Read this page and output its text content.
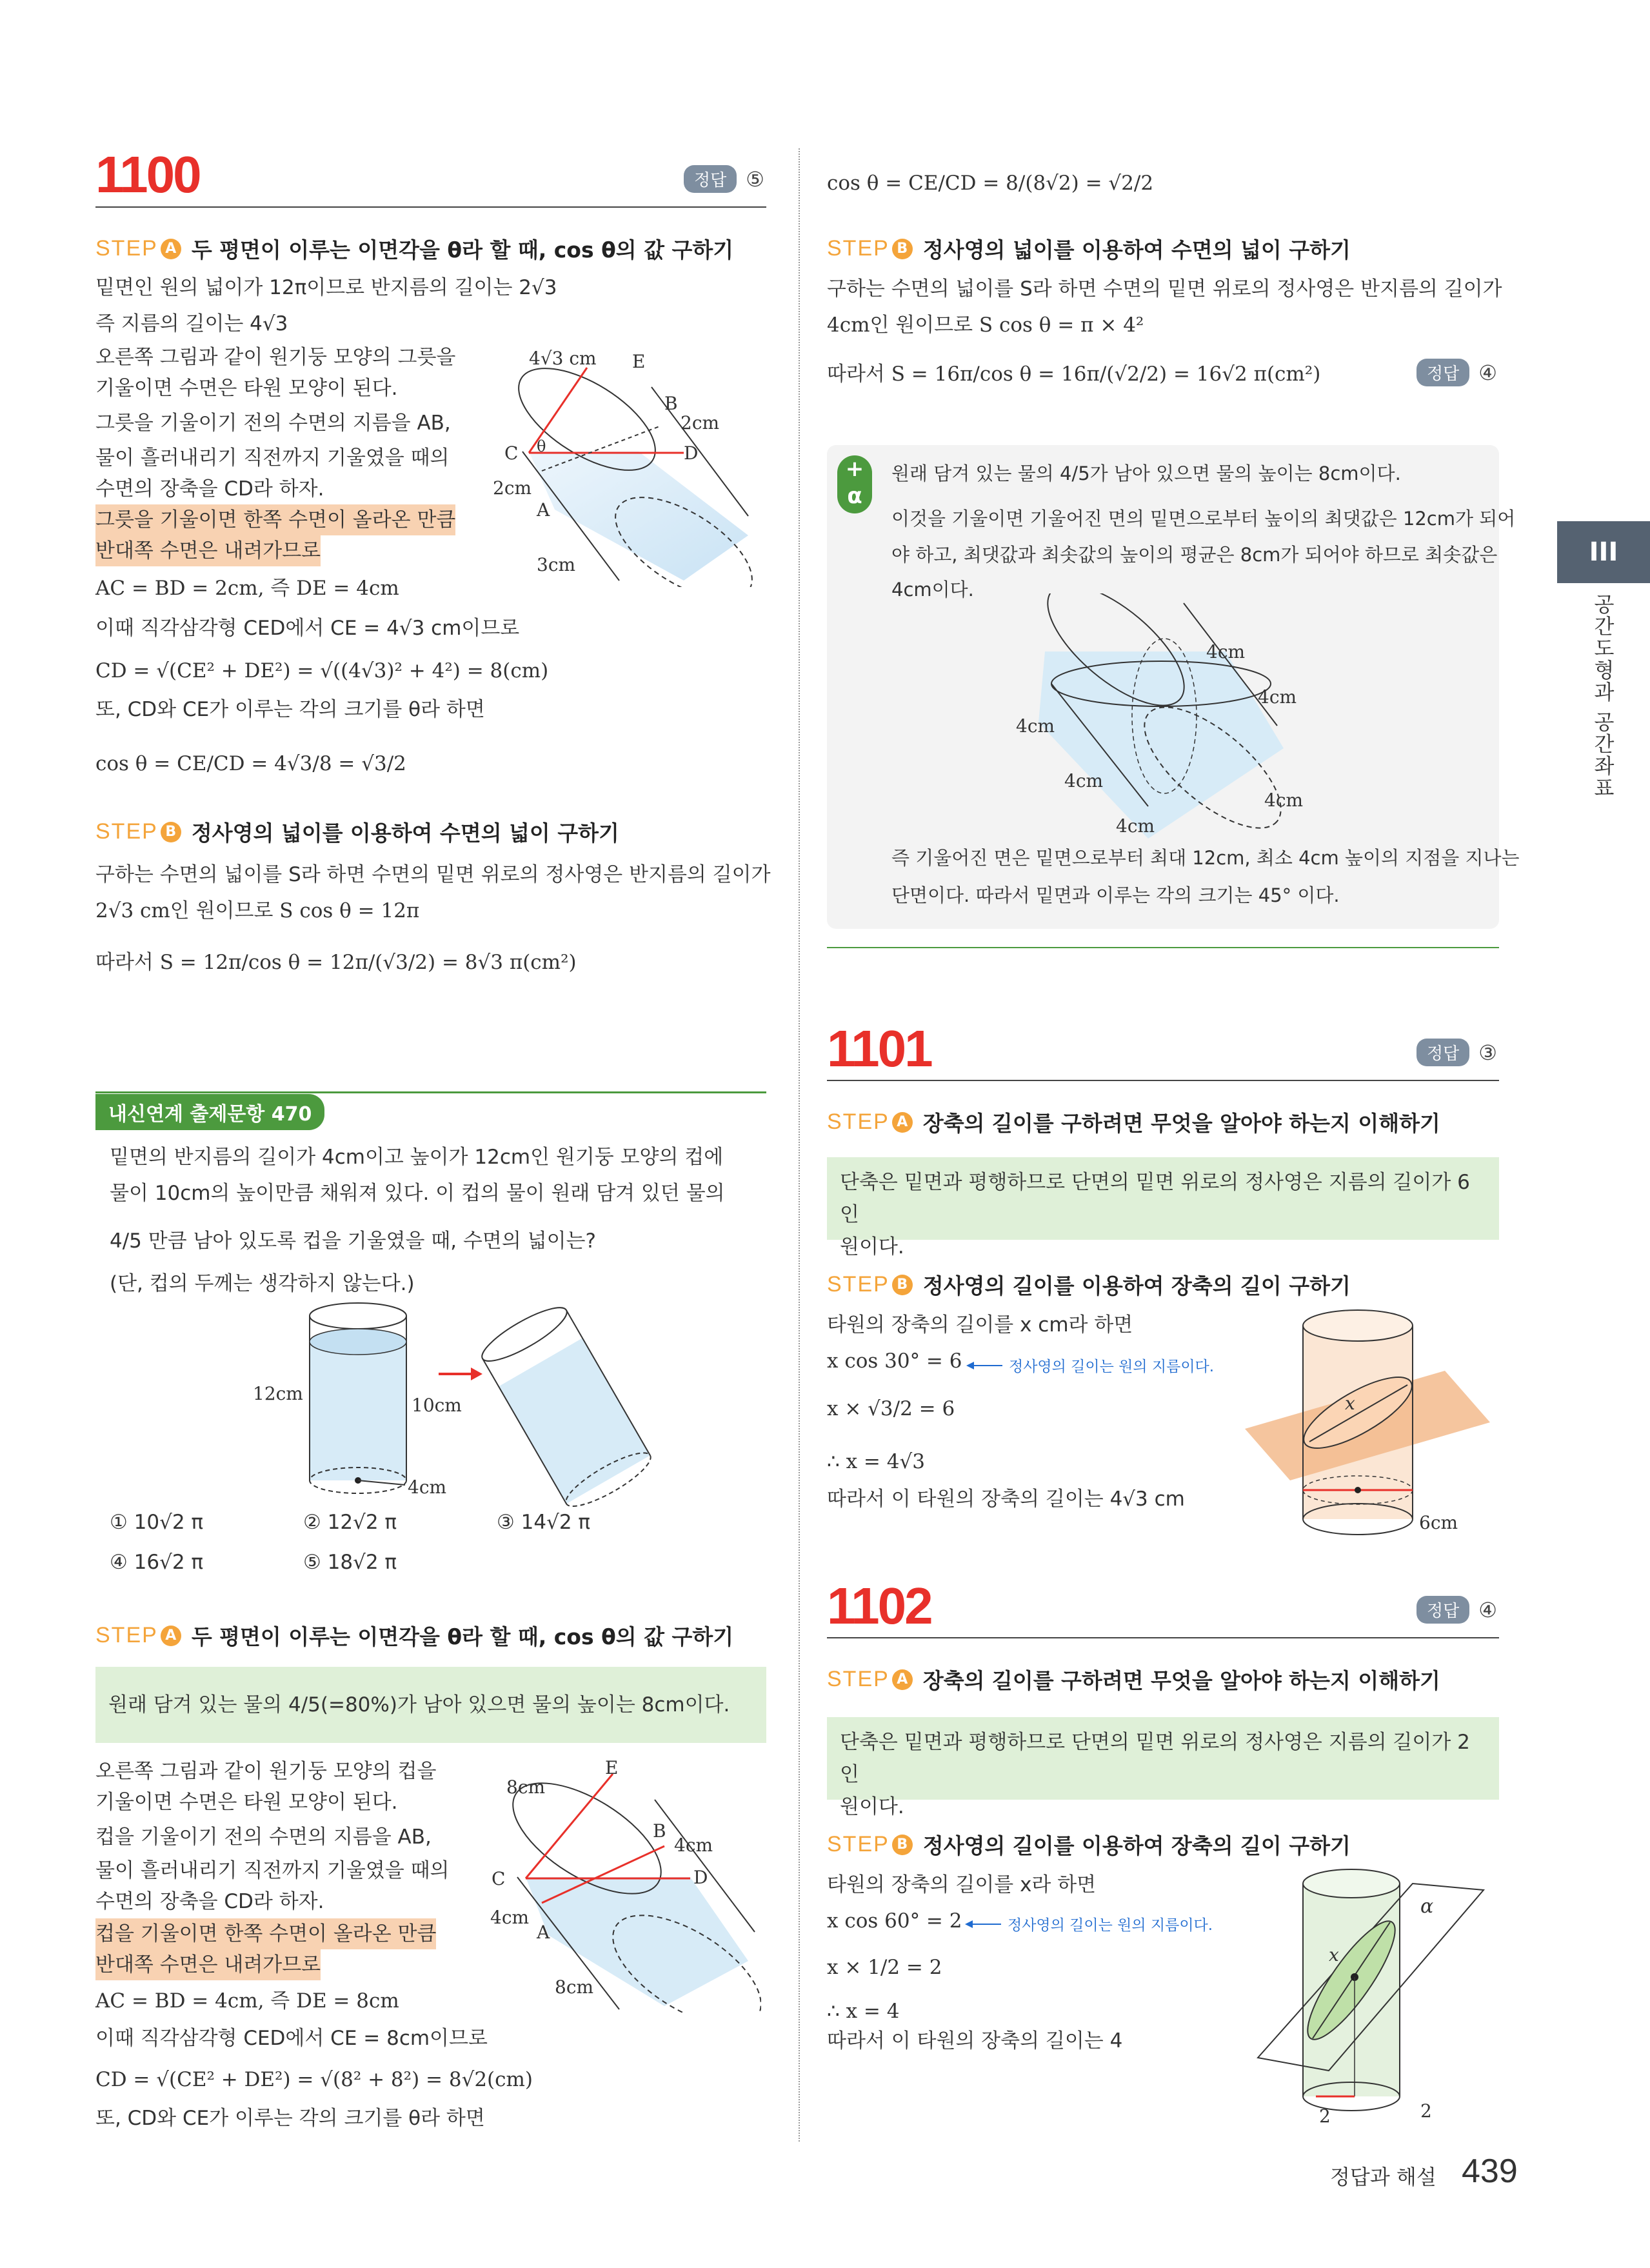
1100	정답 ⑤
STEP A 두 평면이 이루는 이면각을 θ라 할 때, cos θ의 값 구하기
밑면인 원의 넓이가 12π이므로 반지름의 길이는 2√3
즉 지름의 길이는 4√3
오른쪽 그림과 같이 원기둥 모양의 그릇을
기울이면 수면은 타원 모양이 된다.
그릇을 기울이기 전의 수면의 지름을 AB,
물이 흘러내리기 직전까지 기울였을 때의
수면의 장축을 CD라 하자.
그릇을 기울이면 한쪽 수면이 올라온 만큼
반대쪽 수면은 내려가므로
AC = BD = 2cm, 즉 DE = 4cm
이때 직각삼각형 CED에서 CE = 4√3 cm이므로
CD = √(CE² + DE²) = √((4√3)² + 4²) = 8(cm)
또, CD와 CE가 이루는 각의 크기를 θ라 하면
cos θ = CE/CD = 4√3/8 = √3/2
4√3 cm E
B
2cm
D
C θ
2cm
A
3cm
STEP B 정사영의 넓이를 이용하여 수면의 넓이 구하기
구하는 수면의 넓이를 S라 하면 수면의 밑면 위로의 정사영은 반지름의 길이가
2√3 cm인 원이므로 S cos θ = 12π
따라서 S = 12π/cos θ = 12π/(√3/2) = 8√3 π(cm²)
내신연계 출제문항 470
밑면의 반지름의 길이가 4cm이고 높이가 12cm인 원기둥 모양의 컵에
물이 10cm의 높이만큼 채워져 있다. 이 컵의 물이 원래 담겨 있던 물의
4/5 만큼 남아 있도록 컵을 기울였을 때, 수면의 넓이는?
(단, 컵의 두께는 생각하지 않는다.)
12cm
10cm
4cm
① 10√2 π	② 12√2 π	③ 14√2 π
④ 16√2 π	⑤ 18√2 π
STEP A 두 평면이 이루는 이면각을 θ라 할 때, cos θ의 값 구하기
원래 담겨 있는 물의 4/5(=80%)가 남아 있으면 물의 높이는 8cm이다.
오른쪽 그림과 같이 원기둥 모양의 컵을
기울이면 수면은 타원 모양이 된다.
컵을 기울이기 전의 수면의 지름을 AB,
물이 흘러내리기 직전까지 기울였을 때의
수면의 장축을 CD라 하자.
컵을 기울이면 한쪽 수면이 올라온 만큼
반대쪽 수면은 내려가므로
AC = BD = 4cm, 즉 DE = 8cm
이때 직각삼각형 CED에서 CE = 8cm이므로
CD = √(CE² + DE²) = √(8² + 8²) = 8√2(cm)
또, CD와 CE가 이루는 각의 크기를 θ라 하면
8cm
E
B
4cm
D
C
4cm
A
8cm
cos θ = CE/CD = 8/(8√2) = √2/2
STEP B 정사영의 넓이를 이용하여 수면의 넓이 구하기
구하는 수면의 넓이를 S라 하면 수면의 밑면 위로의 정사영은 반지름의 길이가
4cm인 원이므로 S cos θ = π × 4²
따라서 S = 16π/cos θ = 16π/(√2/2) = 16√2 π(cm²)	정답 ④
+
α
원래 담겨 있는 물의 4/5가 남아 있으면 물의 높이는 8cm이다.
이것을 기울이면 기울어진 면의 밑면으로부터 높이의 최댓값은 12cm가 되어
야 하고, 최댓값과 최솟값의 높이의 평균은 8cm가 되어야 하므로 최솟값은
4cm이다.
4cm
4cm
4cm
4cm
4cm
4cm
즉 기울어진 면은 밑면으로부터 최대 12cm, 최소 4cm 높이의 지점을 지나는
단면이다. 따라서 밑면과 이루는 각의 크기는 45° 이다.
1101	정답 ③
STEP A 장축의 길이를 구하려면 무엇을 알아야 하는지 이해하기
단축은 밑면과 평행하므로 단면의 밑면 위로의 정사영은 지름의 길이가 6인
원이다.
STEP B 정사영의 길이를 이용하여 장축의 길이 구하기
타원의 장축의 길이를 x cm라 하면
x cos 30° = 6	정사영의 길이는 원의 지름이다.
x × √3/2 = 6
∴ x = 4√3
따라서 이 타원의 장축의 길이는 4√3 cm
x
6cm
1102	정답 ④
STEP A 장축의 길이를 구하려면 무엇을 알아야 하는지 이해하기
단축은 밑면과 평행하므로 단면의 밑면 위로의 정사영은 지름의 길이가 2인
원이다.
STEP B 정사영의 길이를 이용하여 장축의 길이 구하기
타원의 장축의 길이를 x라 하면
x cos 60° = 2	정사영의 길이는 원의 지름이다.
x × 1/2 = 2
∴ x = 4
따라서 이 타원의 장축의 길이는 4
α
x
2	2
III
공간도형과 공간좌표
정답과 해설 439
